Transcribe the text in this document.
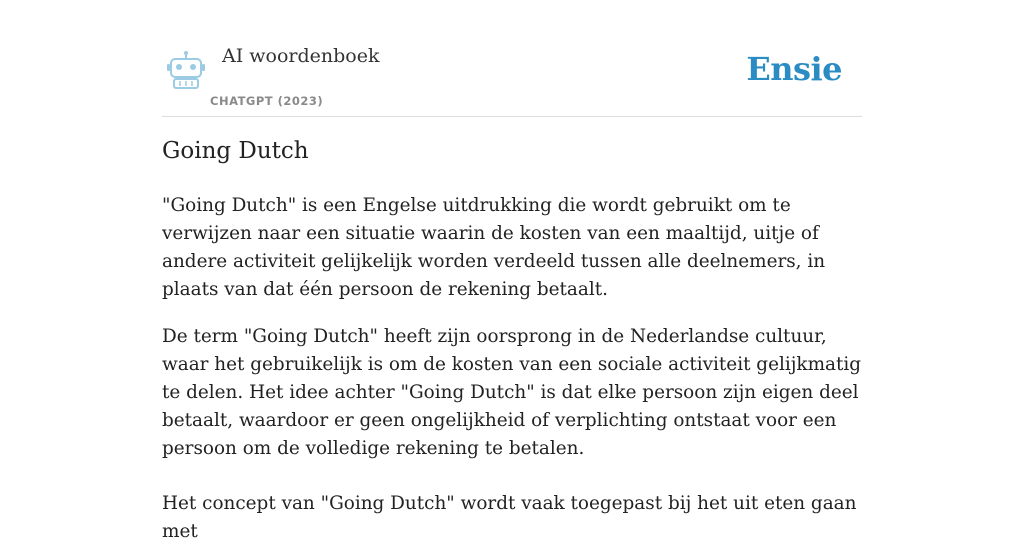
AI woordenboek
CHATGPT (2023)
Ensie
Going Dutch

"Going Dutch" is een Engelse uitdrukking die wordt gebruikt om te verwijzen naar een situatie waarin de kosten van een maaltijd, uitje of andere activiteit gelijkelijk worden verdeeld tussen alle deelnemers, in plaats van dat één persoon de rekening betaalt.

De term "Going Dutch" heeft zijn oorsprong in de Nederlandse cultuur, waar het gebruikelijk is om de kosten van een sociale activiteit gelijkmatig te delen. Het idee achter "Going Dutch" is dat elke persoon zijn eigen deel betaalt, waardoor er geen ongelijkheid of verplichting ontstaat voor een persoon om de volledige rekening te betalen.

Het concept van "Going Dutch" wordt vaak toegepast bij het uit eten gaan met
